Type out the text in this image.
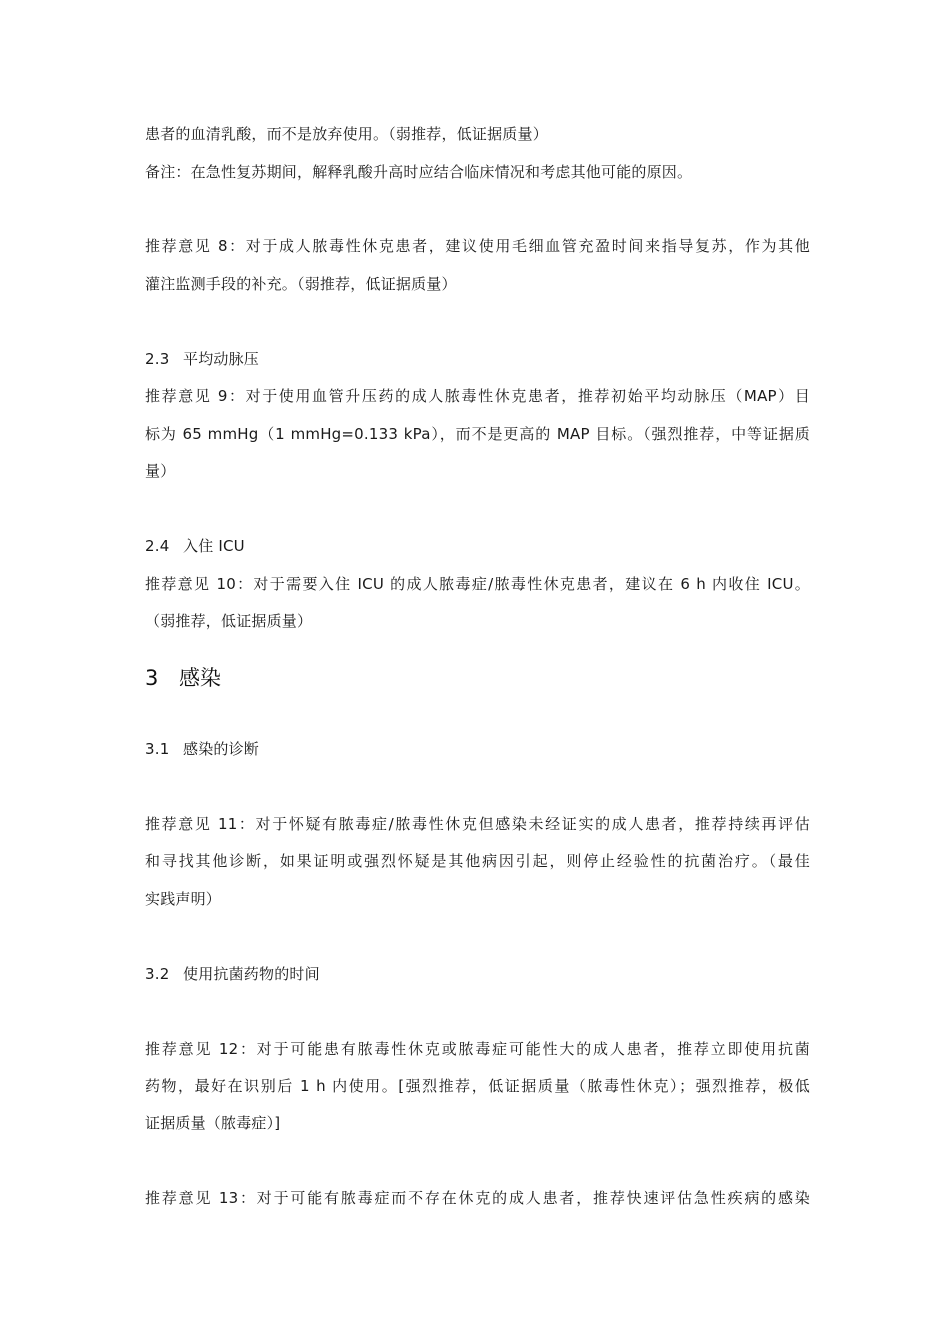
患者的血清乳酸，而不是放弃使用。（弱推荐，低证据质量）
备注：在急性复苏期间，解释乳酸升高时应结合临床情况和考虑其他可能的原因。
推荐意见 8：对于成人脓毒性休克患者，建议使用毛细血管充盈时间来指导复苏，作为其他
灌注监测手段的补充。（弱推荐，低证据质量）
2.3 平均动脉压
推荐意见 9：对于使用血管升压药的成人脓毒性休克患者，推荐初始平均动脉压（MAP）目
标为 65 mmHg（1 mmHg=0.133 kPa），而不是更高的 MAP 目标。（强烈推荐，中等证据质
量）
2.4 入住 ICU
推荐意见 10：对于需要入住 ICU 的成人脓毒症/脓毒性休克患者，建议在 6 h 内收住 ICU。
（弱推荐，低证据质量）
3 感染
3.1 感染的诊断
推荐意见 11：对于怀疑有脓毒症/脓毒性休克但感染未经证实的成人患者，推荐持续再评估
和寻找其他诊断，如果证明或强烈怀疑是其他病因引起，则停止经验性的抗菌治疗。（最佳
实践声明）
3.2 使用抗菌药物的时间
推荐意见 12：对于可能患有脓毒性休克或脓毒症可能性大的成人患者，推荐立即使用抗菌
药物，最好在识别后 1 h 内使用。[强烈推荐，低证据质量（脓毒性休克）；强烈推荐，极低
证据质量（脓毒症）]
推荐意见 13：对于可能有脓毒症而不存在休克的成人患者，推荐快速评估急性疾病的感染
